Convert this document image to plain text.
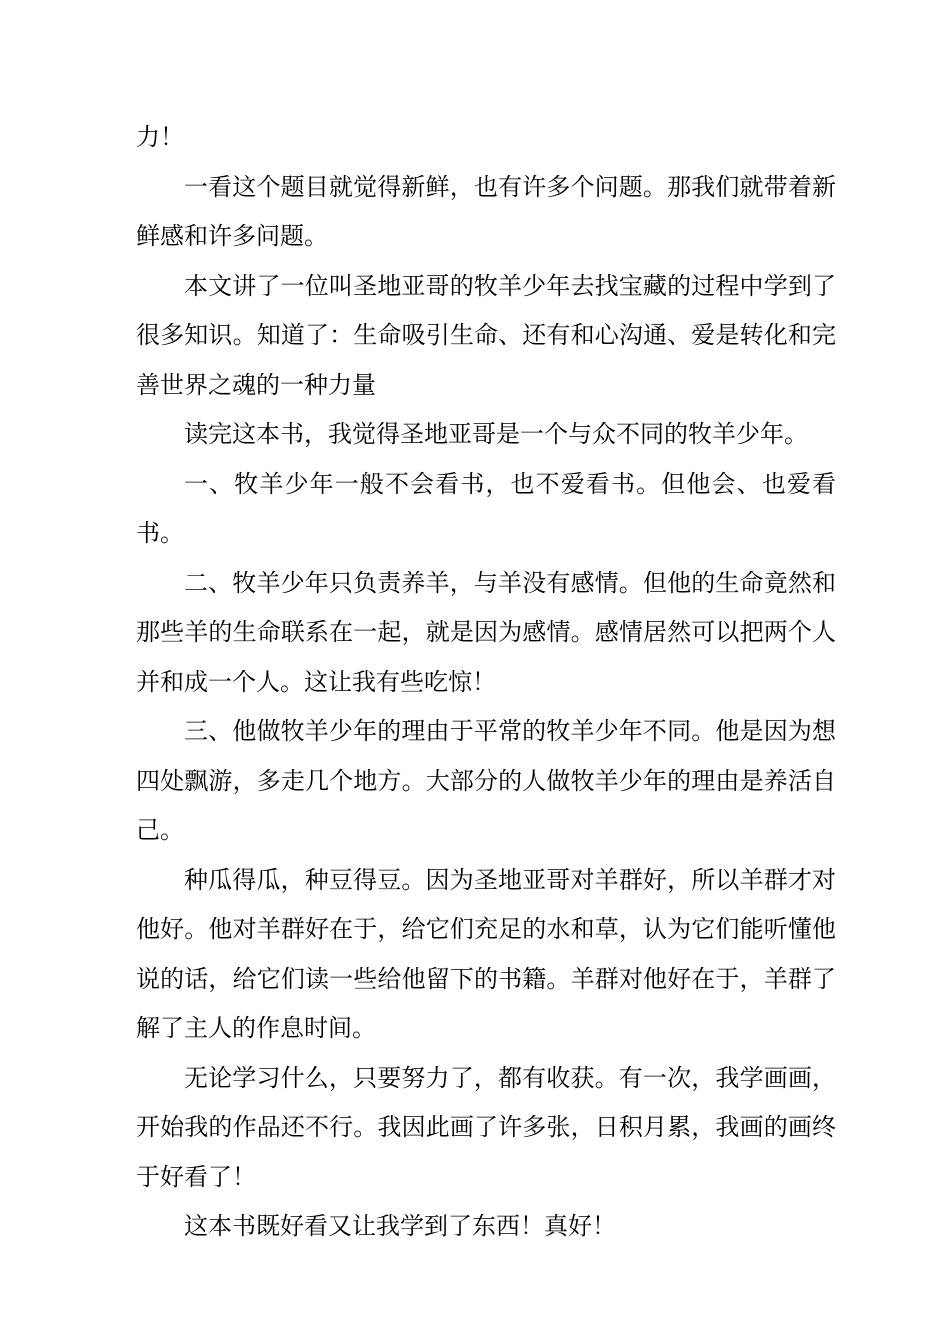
力！

一看这个题目就觉得新鲜，也有许多个问题。那我们就带着新鲜感和许多问题。

本文讲了一位叫圣地亚哥的牧羊少年去找宝藏的过程中学到了很多知识。知道了：生命吸引生命、还有和心沟通、爱是转化和完善世界之魂的一种力量

读完这本书，我觉得圣地亚哥是一个与众不同的牧羊少年。

一、牧羊少年一般不会看书，也不爱看书。但他会、也爱看书。

二、牧羊少年只负责养羊，与羊没有感情。但他的生命竟然和那些羊的生命联系在一起，就是因为感情。感情居然可以把两个人并和成一个人。这让我有些吃惊！

三、他做牧羊少年的理由于平常的牧羊少年不同。他是因为想四处飘游，多走几个地方。大部分的人做牧羊少年的理由是养活自己。

种瓜得瓜，种豆得豆。因为圣地亚哥对羊群好，所以羊群才对他好。他对羊群好在于，给它们充足的水和草，认为它们能听懂他说的话，给它们读一些给他留下的书籍。羊群对他好在于，羊群了解了主人的作息时间。

无论学习什么，只要努力了，都有收获。有一次，我学画画，开始我的作品还不行。我因此画了许多张，日积月累，我画的画终于好看了！

这本书既好看又让我学到了东西！真好！
